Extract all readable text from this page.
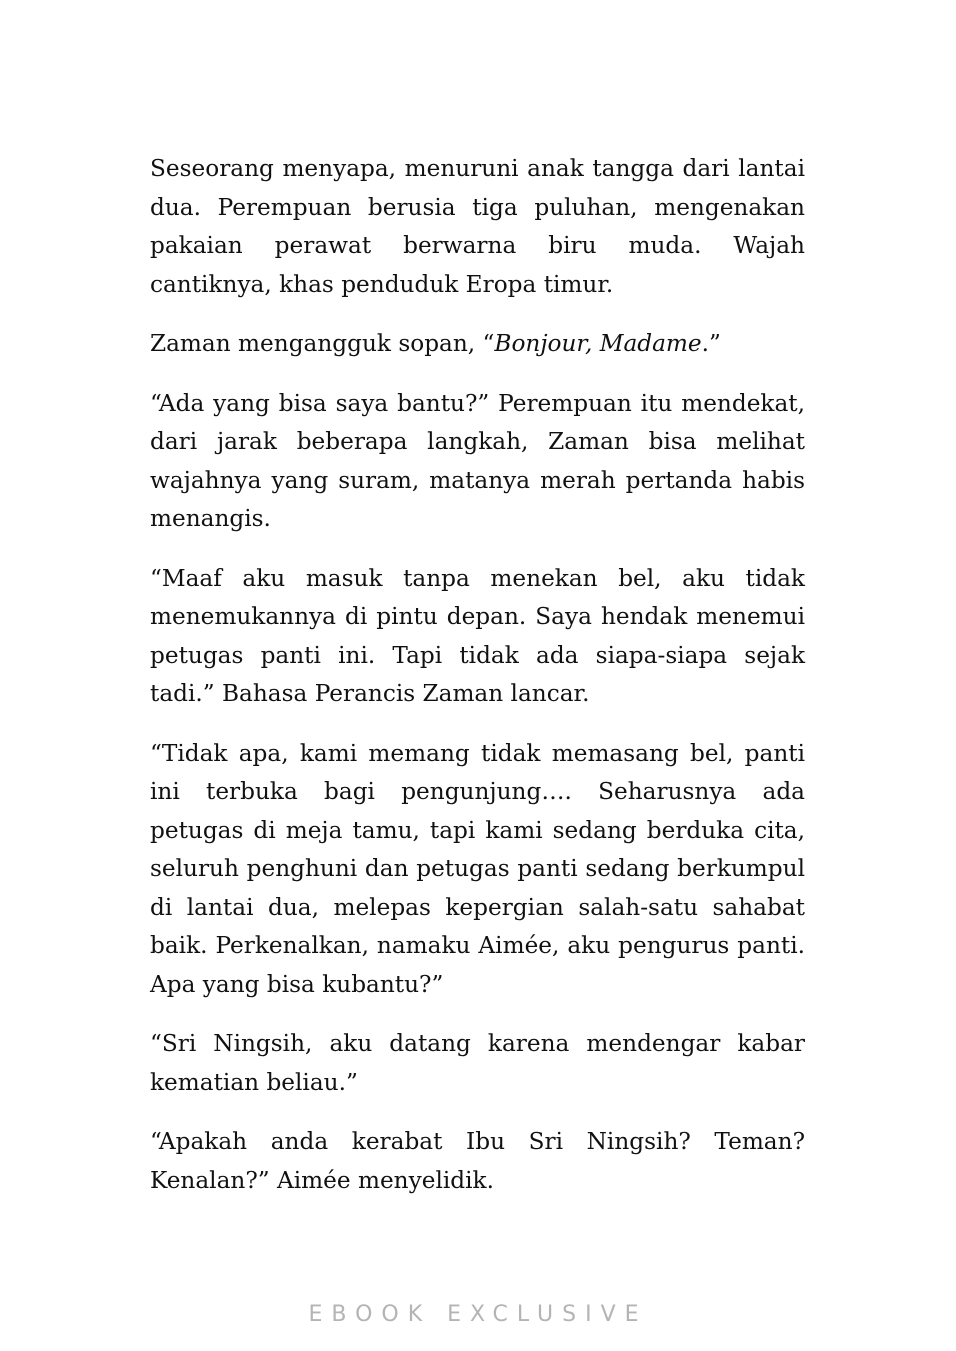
Seseorang menyapa, menuruni anak tangga dari lantai dua. Perempuan berusia tiga puluhan, mengenakan pakaian perawat berwarna biru muda. Wajah cantiknya, khas penduduk Eropa timur.

Zaman mengangguk sopan, “Bonjour, Madame.”

“Ada yang bisa saya bantu?” Perempuan itu mendekat, dari jarak beberapa langkah, Zaman bisa melihat wajahnya yang suram, matanya merah pertanda habis menangis.

“Maaf aku masuk tanpa menekan bel, aku tidak menemukannya di pintu depan. Saya hendak menemui petugas panti ini. Tapi tidak ada siapa-siapa sejak tadi.” Bahasa Perancis Zaman lancar.

“Tidak apa, kami memang tidak memasang bel, panti ini terbuka bagi pengunjung…. Seharusnya ada petugas di meja tamu, tapi kami sedang berduka cita, seluruh penghuni dan petugas panti sedang berkumpul di lantai dua, melepas kepergian salah-satu sahabat baik. Perkenalkan, namaku Aimée, aku pengurus panti. Apa yang bisa kubantu?”

“Sri Ningsih, aku datang karena mendengar kabar kematian beliau.”

“Apakah anda kerabat Ibu Sri Ningsih? Teman? Kenalan?” Aimée menyelidik.

EBOOK EXCLUSIVE
